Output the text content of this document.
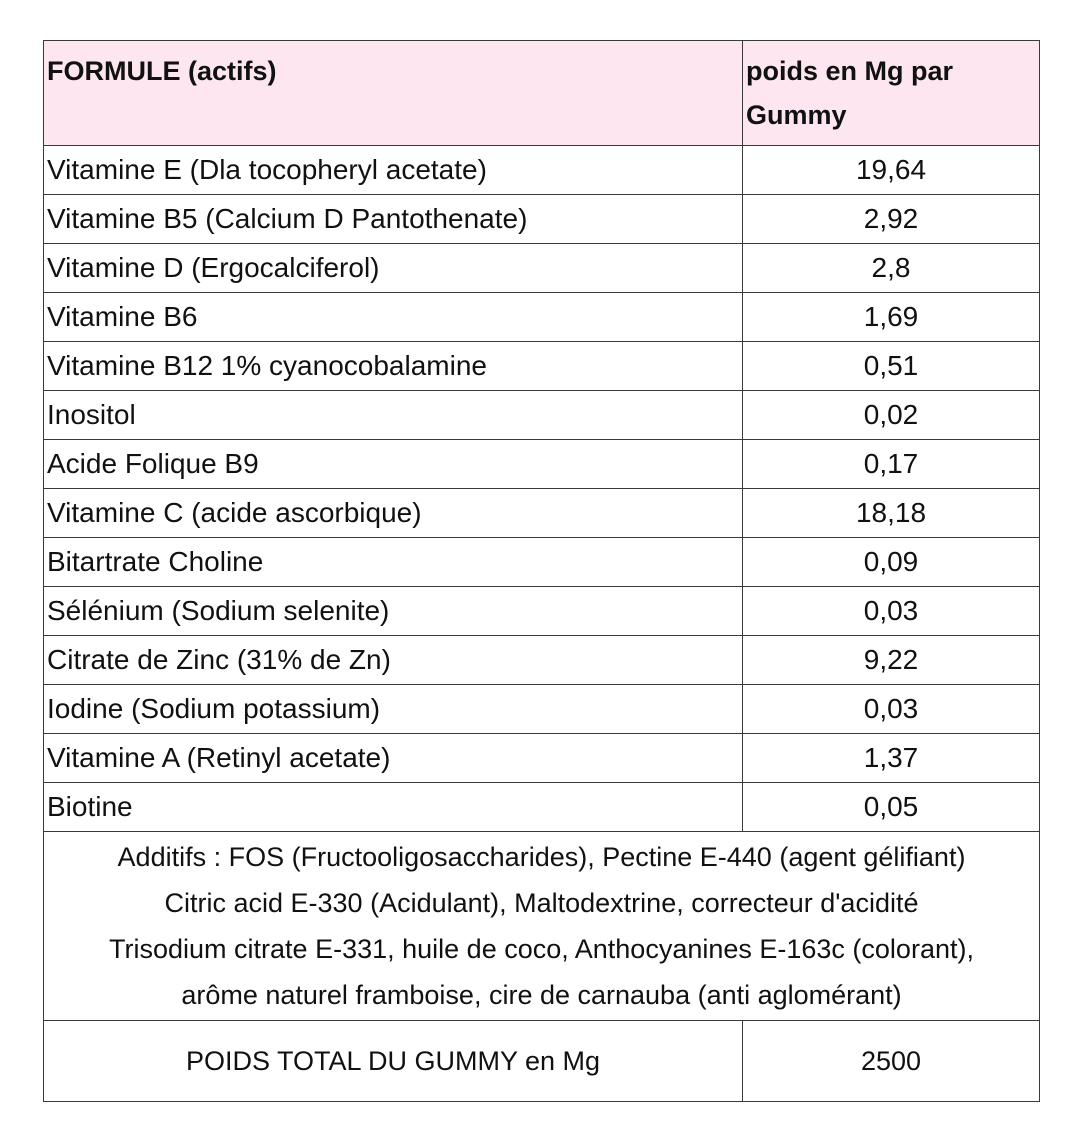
FORMULE (actifs)	poids en Mg par
Gummy
Vitamine E (Dla tocopheryl acetate)	19,64
Vitamine B5 (Calcium D Pantothenate)	2,92
Vitamine D (Ergocalciferol)	2,8
Vitamine B6	1,69
Vitamine B12 1% cyanocobalamine	0,51
Inositol	0,02
Acide Folique B9	0,17
Vitamine C (acide ascorbique)	18,18
Bitartrate Choline	0,09
Sélénium (Sodium selenite)	0,03
Citrate de Zinc (31% de Zn)	9,22
Iodine (Sodium potassium)	0,03
Vitamine A (Retinyl acetate)	1,37
Biotine	0,05

Additifs : FOS (Fructooligosaccharides), Pectine E-440 (agent gélifiant)
Citric acid E-330 (Acidulant), Maltodextrine, correcteur d'acidité
Trisodium citrate E-331, huile de coco, Anthocyanines E-163c (colorant),
arôme naturel framboise, cire de carnauba (anti aglomérant)	

POIDS TOTAL DU GUMMY en Mg	2500
